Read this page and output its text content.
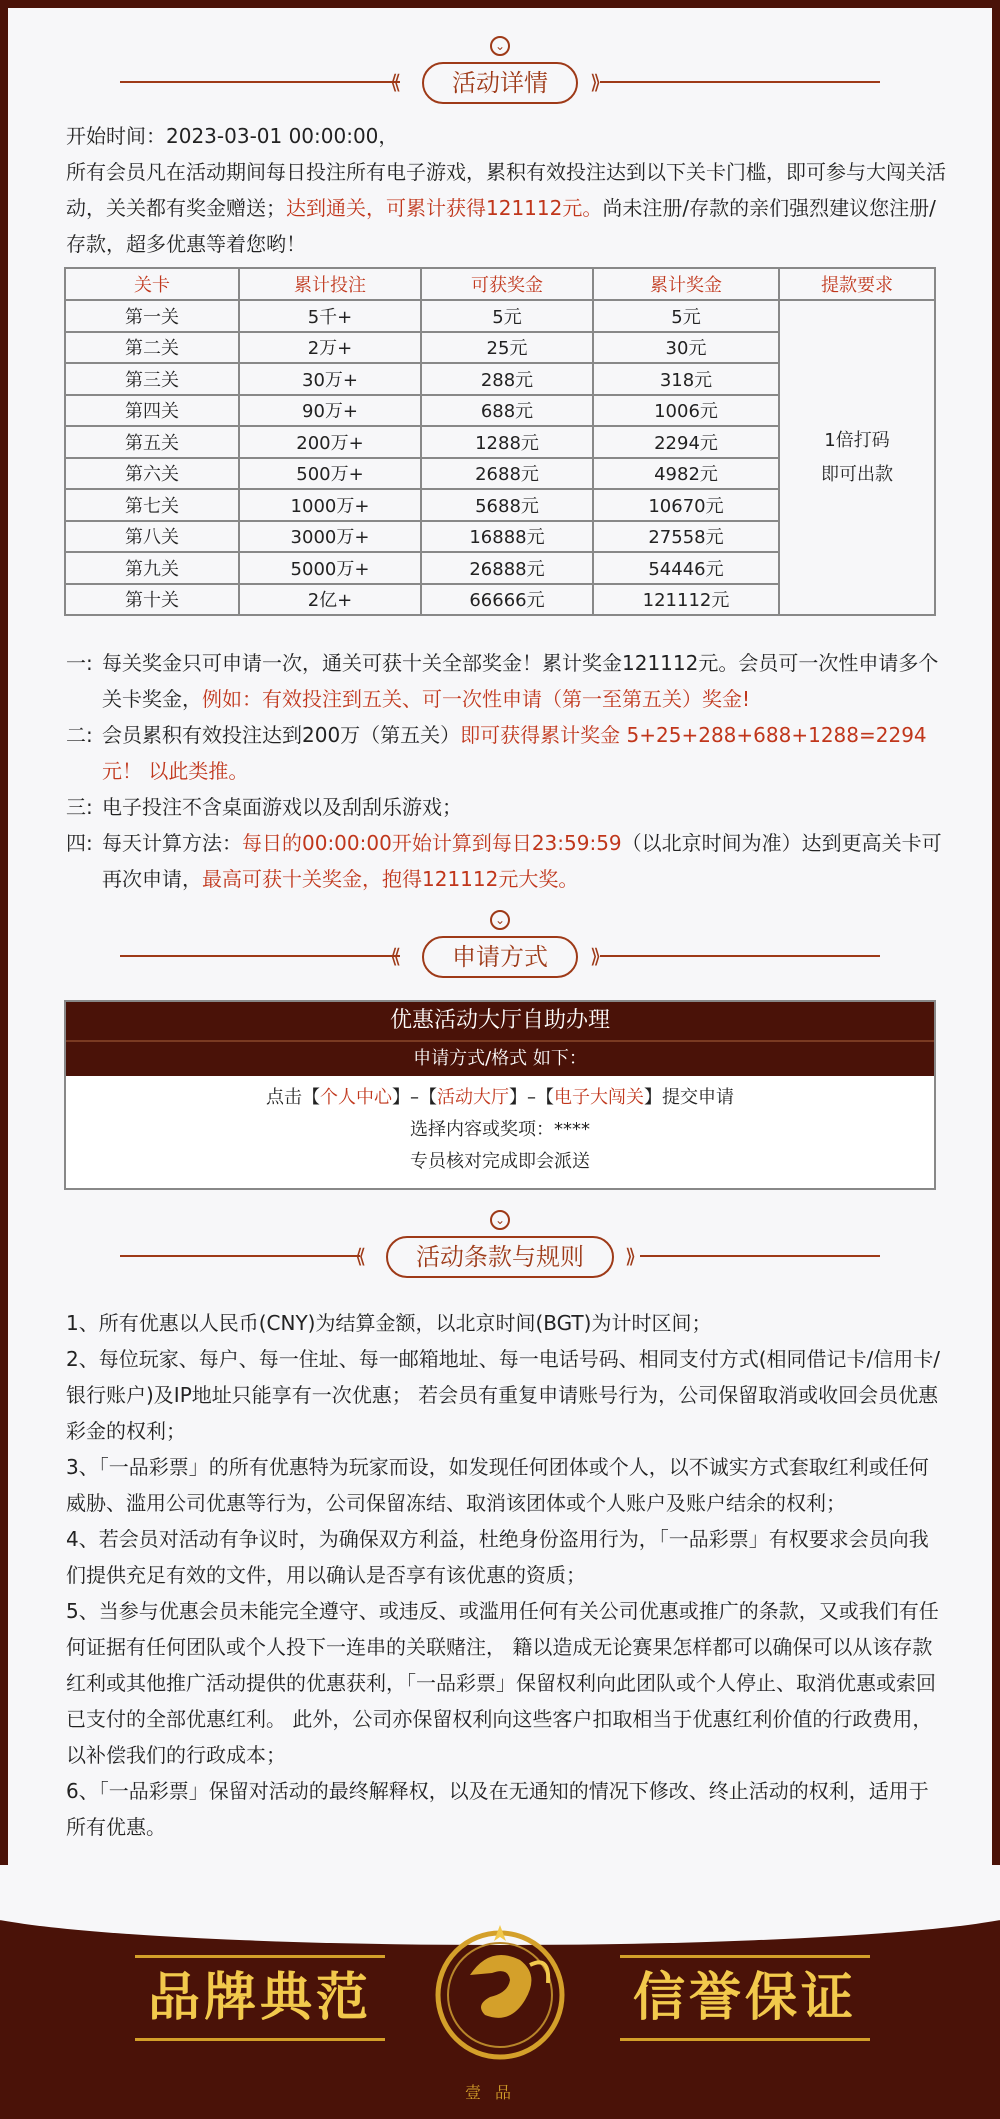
⌄
⟪	⟫
活动详情
开始时间：2023-03-01 00:00:00，
所有会员凡在活动期间每日投注所有电子游戏，累积有效投注达到以下关卡门槛，即可参与大闯关活动，关关都有奖金赠送；达到通关，可累计获得121112元。尚未注册/存款的亲们强烈建议您注册/存款，超多优惠等着您哟！
关卡	累计投注	可获奖金	累计奖金	提款要求
第一关	5千+	5元	5元	1倍打码
即可出款
第二关	2万+	25元	30元	
第三关	30万+	288元	318元	
第四关	90万+	688元	1006元	
第五关	200万+	1288元	2294元	
第六关	500万+	2688元	4982元	
第七关	1000万+	5688元	10670元	
第八关	3000万+	16888元	27558元	
第九关	5000万+	26888元	54446元	
第十关	2亿+	66666元	121112元	
一: 每关奖金只可申请一次，通关可获十关全部奖金！累计奖金121112元。会员可一次性申请多个关卡奖金，例如：有效投注到五关、可一次性申请（第一至第五关）奖金!
二: 会员累积有效投注达到200万（第五关）即可获得累计奖金 5+25+288+688+1288=2294元！ 以此类推。
三: 电子投注不含桌面游戏以及刮刮乐游戏；
四: 每天计算方法：每日的00:00:00开始计算到每日23:59:59（以北京时间为准）达到更高关卡可再次申请，最高可获十关奖金，抱得121112元大奖。
⌄
⟪	⟫
申请方式
优惠活动大厅自助办理
申请方式/格式 如下：
点击【个人中心】–【活动大厅】–【电子大闯关】提交申请
选择内容或奖项：****
专员核对完成即会派送
⌄
⟪	⟫
活动条款与规则
1、所有优惠以人民币(CNY)为结算金额，以北京时间(BGT)为计时区间；
2、每位玩家、每户、每一住址、每一邮箱地址、每一电话号码、相同支付方式(相同借记卡/信用卡/银行账户)及IP地址只能享有一次优惠； 若会员有重复申请账号行为，公司保留取消或收回会员优惠彩金的权利；
3、「一品彩票」的所有优惠特为玩家而设，如发现任何团体或个人，以不诚实方式套取红利或任何威胁、滥用公司优惠等行为，公司保留冻结、取消该团体或个人账户及账户结余的权利；
4、若会员对活动有争议时，为确保双方利益，杜绝身份盗用行为，「一品彩票」有权要求会员向我们提供充足有效的文件，用以确认是否享有该优惠的资质；
5、当参与优惠会员未能完全遵守、或违反、或滥用任何有关公司优惠或推广的条款，又或我们有任何证据有任何团队或个人投下一连串的关联赌注， 籍以造成无论赛果怎样都可以确保可以从该存款红利或其他推广活动提供的优惠获利，「一品彩票」保留权利向此团队或个人停止、取消优惠或索回已支付的全部优惠红利。 此外，公司亦保留权利向这些客户扣取相当于优惠红利价值的行政费用，以补偿我们的行政成本；
6、「一品彩票」保留对活动的最终解释权，以及在无通知的情况下修改、终止活动的权利，适用于所有优惠。
品牌典范	信誉保证
壹品
